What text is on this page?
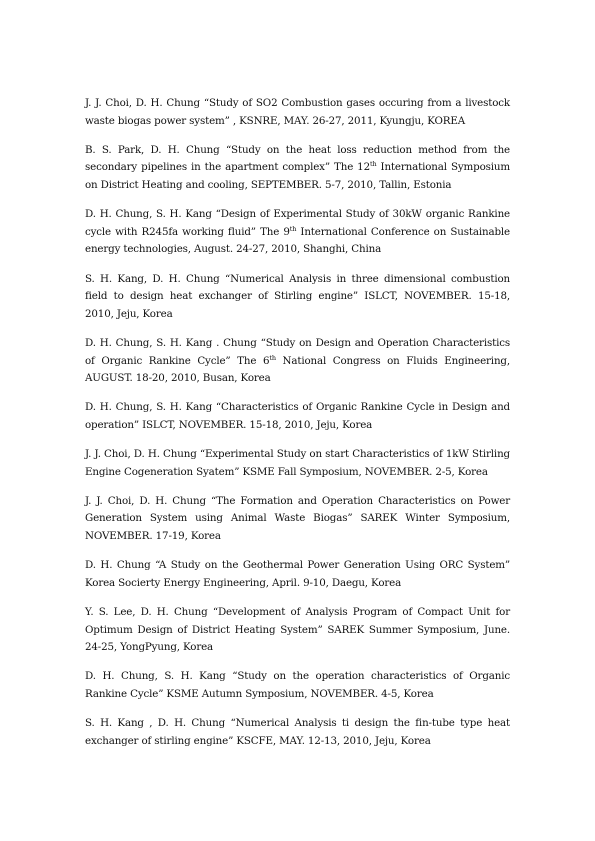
J. J. Choi, D. H. Chung “Study of SO2 Combustion gases occuring from a livestock waste biogas power system” , KSNRE, MAY. 26-27, 2011, Kyungju, KOREA

B. S. Park, D. H. Chung “Study on the heat loss reduction method from the secondary pipelines in the apartment complex” The 12th International Symposium on District Heating and cooling, SEPTEMBER. 5-7, 2010, Tallin, Estonia

D. H. Chung, S. H. Kang “Design of Experimental Study of 30kW organic Rankine cycle with R245fa working fluid” The 9th International Conference on Sustainable energy technologies, August. 24-27, 2010, Shanghi, China

S. H. Kang, D. H. Chung “Numerical Analysis in three dimensional combustion field to design heat exchanger of Stirling engine” ISLCT, NOVEMBER. 15-18, 2010, Jeju, Korea

D. H. Chung, S. H. Kang . Chung “Study on Design and Operation Characteristics of Organic Rankine Cycle” The 6th National Congress on Fluids Engineering, AUGUST. 18-20, 2010, Busan, Korea

D. H. Chung, S. H. Kang “Characteristics of Organic Rankine Cycle in Design and operation” ISLCT, NOVEMBER. 15-18, 2010, Jeju, Korea

J. J. Choi, D. H. Chung “Experimental Study on start Characteristics of 1kW Stirling Engine Cogeneration Syatem” KSME Fall Symposium, NOVEMBER. 2-5, Korea

J. J. Choi, D. H. Chung “The Formation and Operation Characteristics on Power Generation System using Animal Waste Biogas” SAREK Winter Symposium, NOVEMBER. 17-19, Korea

D. H. Chung “A Study on the Geothermal Power Generation Using ORC System” Korea Socierty Energy Engineering, April. 9-10, Daegu, Korea

Y. S. Lee, D. H. Chung “Development of Analysis Program of Compact Unit for Optimum Design of District Heating System” SAREK Summer Symposium, June. 24-25, YongPyung, Korea

D. H. Chung, S. H. Kang “Study on the operation characteristics of Organic Rankine Cycle” KSME Autumn Symposium, NOVEMBER. 4-5, Korea

S. H. Kang , D. H. Chung “Numerical Analysis ti design the fin-tube type heat exchanger of stirling engine” KSCFE, MAY. 12-13, 2010, Jeju, Korea
